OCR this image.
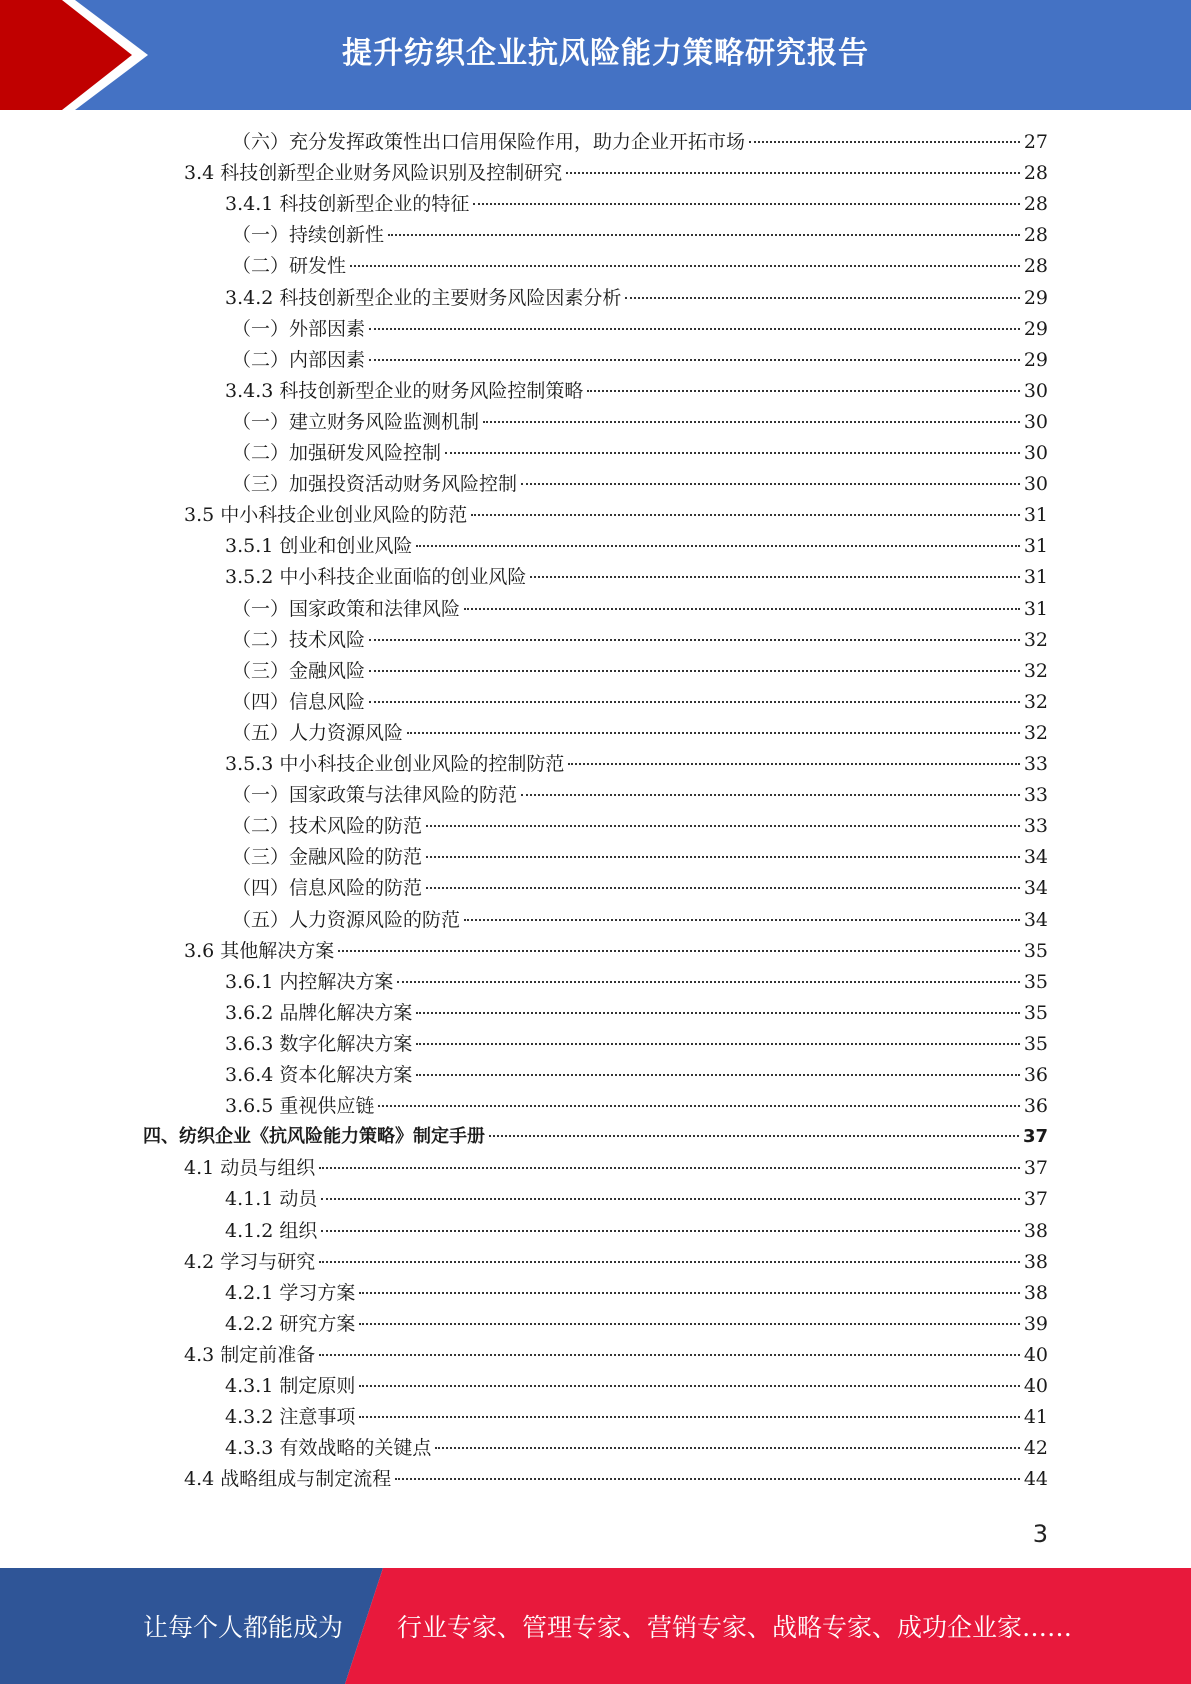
提升纺织企业抗风险能力策略研究报告
（六）充分发挥政策性出口信用保险作用，助力企业开拓市场	27
3.4 科技创新型企业财务风险识别及控制研究	28
3.4.1 科技创新型企业的特征	28
（一）持续创新性	28
（二）研发性	28
3.4.2 科技创新型企业的主要财务风险因素分析	29
（一）外部因素	29
（二）内部因素	29
3.4.3 科技创新型企业的财务风险控制策略	30
（一）建立财务风险监测机制	30
（二）加强研发风险控制	30
（三）加强投资活动财务风险控制	30
3.5 中小科技企业创业风险的防范	31
3.5.1 创业和创业风险	31
3.5.2 中小科技企业面临的创业风险	31
（一）国家政策和法律风险	31
（二）技术风险	32
（三）金融风险	32
（四）信息风险	32
（五）人力资源风险	32
3.5.3 中小科技企业创业风险的控制防范	33
（一）国家政策与法律风险的防范	33
（二）技术风险的防范	33
（三）金融风险的防范	34
（四）信息风险的防范	34
（五）人力资源风险的防范	34
3.6 其他解决方案	35
3.6.1 内控解决方案	35
3.6.2 品牌化解决方案	35
3.6.3 数字化解决方案	35
3.6.4 资本化解决方案	36
3.6.5 重视供应链	36
四、纺织企业《抗风险能力策略》制定手册	37
4.1 动员与组织	37
4.1.1 动员	37
4.1.2 组织	38
4.2 学习与研究	38
4.2.1 学习方案	38
4.2.2 研究方案	39
4.3 制定前准备	40
4.3.1 制定原则	40
4.3.2 注意事项	41
4.3.3 有效战略的关键点	42
4.4 战略组成与制定流程	44
3
让每个人都能成为 行业专家、管理专家、营销专家、战略专家、成功企业家……
